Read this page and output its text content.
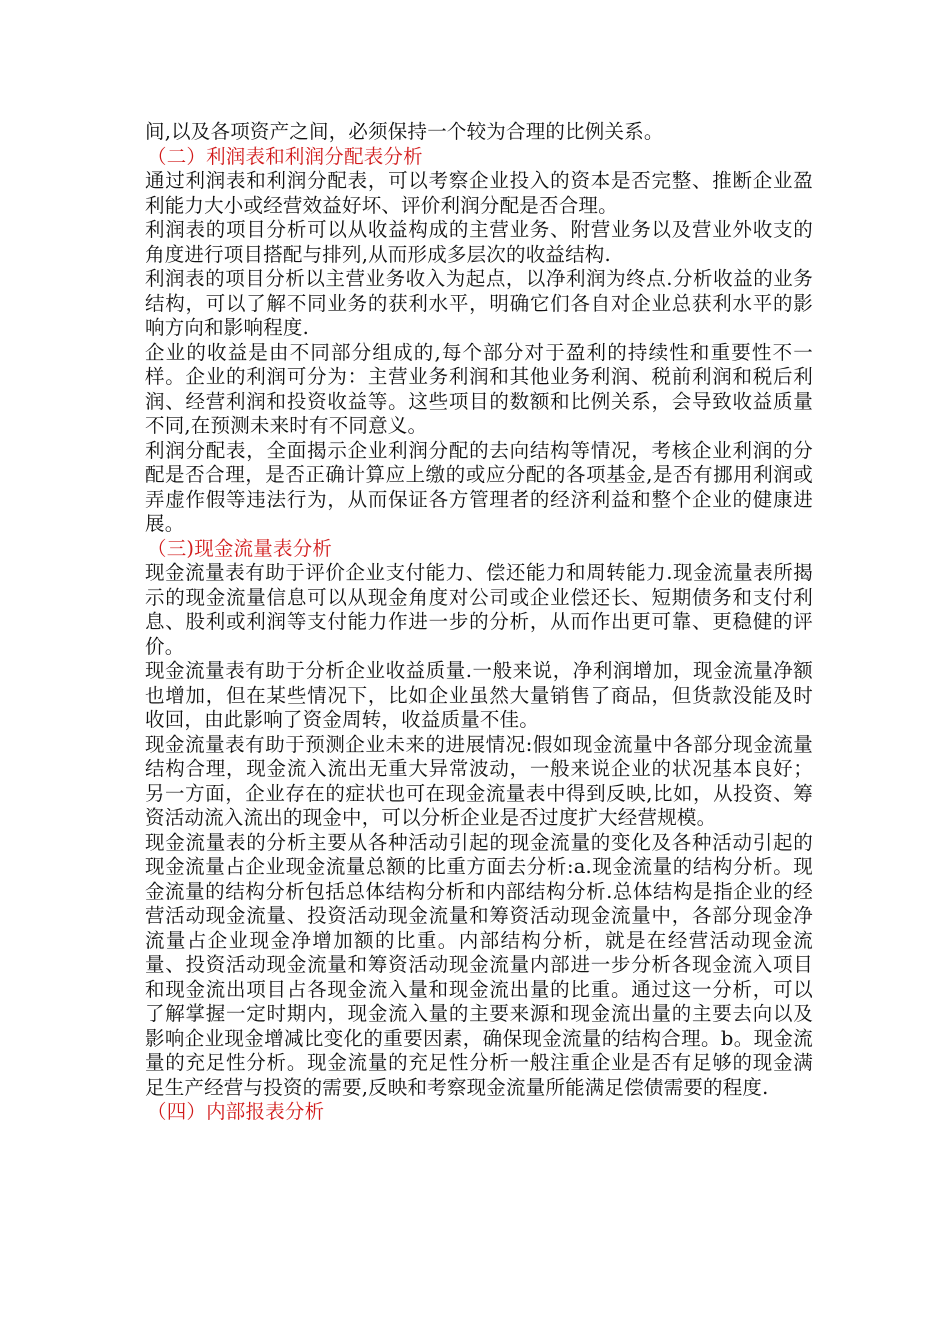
间,以及各项资产之间，必须保持一个较为合理的比例关系。

（二）利润表和利润分配表分析

通过利润表和利润分配表，可以考察企业投入的资本是否完整、推断企业盈利能力大小或经营效益好坏、评价利润分配是否合理。

利润表的项目分析可以从收益构成的主营业务、附营业务以及营业外收支的角度进行项目搭配与排列,从而形成多层次的收益结构.

利润表的项目分析以主营业务收入为起点，以净利润为终点.分析收益的业务结构，可以了解不同业务的获利水平，明确它们各自对企业总获利水平的影响方向和影响程度.

企业的收益是由不同部分组成的,每个部分对于盈利的持续性和重要性不一样。企业的利润可分为：主营业务利润和其他业务利润、税前利润和税后利润、经营利润和投资收益等。这些项目的数额和比例关系，会导致收益质量不同,在预测未来时有不同意义。

利润分配表，全面揭示企业利润分配的去向结构等情况，考核企业利润的分配是否合理，是否正确计算应上缴的或应分配的各项基金,是否有挪用利润或弄虚作假等违法行为，从而保证各方管理者的经济利益和整个企业的健康进展。

（三)现金流量表分析

现金流量表有助于评价企业支付能力、偿还能力和周转能力.现金流量表所揭示的现金流量信息可以从现金角度对公司或企业偿还长、短期债务和支付利息、股利或利润等支付能力作进一步的分析，从而作出更可靠、更稳健的评价。

现金流量表有助于分析企业收益质量.一般来说，净利润增加，现金流量净额也增加，但在某些情况下，比如企业虽然大量销售了商品，但货款没能及时收回，由此影响了资金周转，收益质量不佳。

现金流量表有助于预测企业未来的进展情况:假如现金流量中各部分现金流量结构合理，现金流入流出无重大异常波动，一般来说企业的状况基本良好；另一方面，企业存在的症状也可在现金流量表中得到反映,比如，从投资、筹资活动流入流出的现金中，可以分析企业是否过度扩大经营规模。

现金流量表的分析主要从各种活动引起的现金流量的变化及各种活动引起的现金流量占企业现金流量总额的比重方面去分析:a.现金流量的结构分析。现金流量的结构分析包括总体结构分析和内部结构分析.总体结构是指企业的经营活动现金流量、投资活动现金流量和筹资活动现金流量中，各部分现金净流量占企业现金净增加额的比重。内部结构分析，就是在经营活动现金流量、投资活动现金流量和筹资活动现金流量内部进一步分析各现金流入项目和现金流出项目占各现金流入量和现金流出量的比重。通过这一分析，可以了解掌握一定时期内，现金流入量的主要来源和现金流出量的主要去向以及影响企业现金增减比变化的重要因素，确保现金流量的结构合理。b。现金流量的充足性分析。现金流量的充足性分析一般注重企业是否有足够的现金满足生产经营与投资的需要,反映和考察现金流量所能满足偿债需要的程度.

（四）内部报表分析
